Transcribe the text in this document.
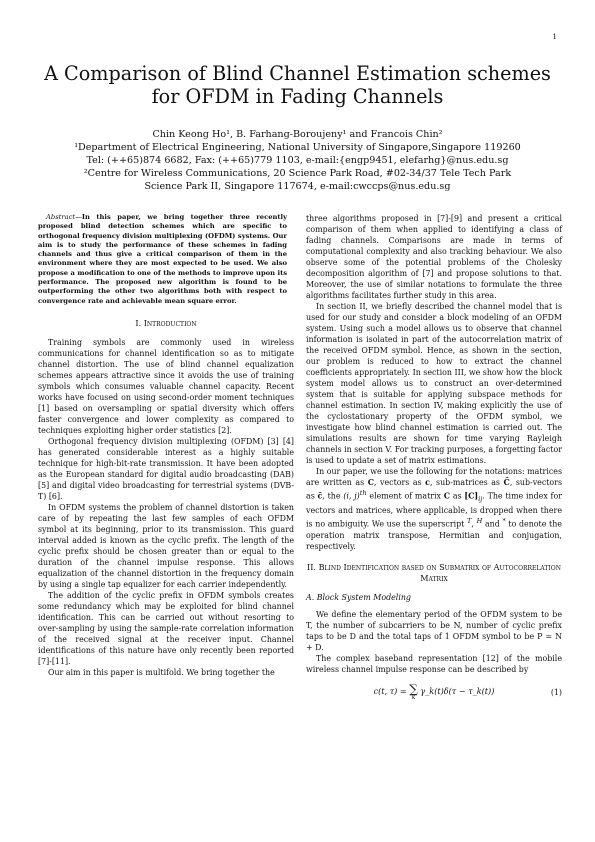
1
A Comparison of Blind Channel Estimation schemes for OFDM in Fading Channels
Chin Keong Ho¹, B. Farhang-Boroujeny¹ and Francois Chin²
¹Department of Electrical Engineering, National University of Singapore,Singapore 119260
Tel: (++65)874 6682, Fax: (++65)779 1103, e-mail:{engp9451, elefarhg}@nus.edu.sg
²Centre for Wireless Communications, 20 Science Park Road, #02-34/37 Tele Tech Park
Science Park II, Singapore 117674, e-mail:cwccps@nus.edu.sg
Abstract—In this paper, we bring together three recently proposed blind detection schemes which are specific to orthogonal frequency division multiplexing (OFDM) systems. Our aim is to study the performance of these schemes in fading channels and thus give a critical comparison of them in the environment where they are most expected to be used. We also propose a modification to one of the methods to improve upon its performance. The proposed new algorithm is found to be outperforming the other two algorithms both with respect to convergence rate and achievable mean square error.
I. Introduction

Training symbols are commonly used in wireless communications for channel identification so as to mitigate channel distortion. The use of blind channel equalization schemes appears attractive since it avoids the use of training symbols which consumes valuable channel capacity. Recent works have focused on using second-order moment techniques [1] based on oversampling or spatial diversity which offers faster convergence and lower complexity as compared to techniques exploiting higher order statistics [2].

Orthogonal frequency division multiplexing (OFDM) [3] [4] has generated considerable interest as a highly suitable technique for high-bit-rate transmission. It have been adopted as the European standard for digital audio broadcasting (DAB) [5] and digital video broadcasting for terrestrial systems (DVB-T) [6].

In OFDM systems the problem of channel distortion is taken care of by repeating the last few samples of each OFDM symbol at its beginning, prior to its transmission. This guard interval added is known as the cyclic prefix. The length of the cyclic prefix should be chosen greater than or equal to the duration of the channel impulse response. This allows equalization of the channel distortion in the frequency domain by using a single tap equalizer for each carrier independently.

The addition of the cyclic prefix in OFDM symbols creates some redundancy which may be exploited for blind channel identification. This can be carried out without resorting to over-sampling by using the sample-rate correlation information of the received signal at the receiver input. Channel identifications of this nature have only recently been reported [7]-[11].

Our aim in this paper is multifold. We bring together the

three algorithms proposed in [7]-[9] and present a critical comparison of them when applied to identifying a class of fading channels. Comparisons are made in terms of computational complexity and also tracking behaviour. We also observe some of the potential problems of the Cholesky decomposition algorithm of [7] and propose solutions to that. Moreover, the use of similar notations to formulate the three algorithms facilitates further study in this area.

In section II, we briefly described the channel model that is used for our study and consider a block modeling of an OFDM system. Using such a model allows us to observe that channel information is isolated in part of the autocorrelation matrix of the received OFDM symbol. Hence, as shown in the section, our problem is reduced to how to extract the channel coefficients appropriately. In section III, we show how the block system model allows us to construct an over-determined system that is suitable for applying subspace methods for channel estimation. In section IV, making explicitly the use of the cyclostationary property of the OFDM symbol, we investigate how blind channel estimation is carried out. The simulations results are shown for time varying Rayleigh channels in section V. For tracking purposes, a forgetting factor is used to update a set of matrix estimations.

In our paper, we use the following for the notations: matrices are written as C, vectors as c, sub-matrices as C̄, sub-vectors as c̄, the (i, j)$^{th}$ element of matrix C as $[C]_{ij}$. The time index for vectors and matrices, where applicable, is dropped when there is no ambiguity. We use the superscript $^T$, $^H$ and * to denote the operation matrix transpose, Hermitian and conjugation, respectively.

II. Blind Identification based on Submatrix of Autocorrelation Matrix
A. Block System Modeling

We define the elementary period of the OFDM system to be T, the number of subcarriers to be N, number of cyclic prefix taps to be D and the total taps of 1 OFDM symbol to be P = N + D.

The complex baseband representation [12] of the mobile wireless channel impulse response can be described by

c(t, τ) = ∑
k
γ_k(t)δ(τ − τ_k(t))	(1)
